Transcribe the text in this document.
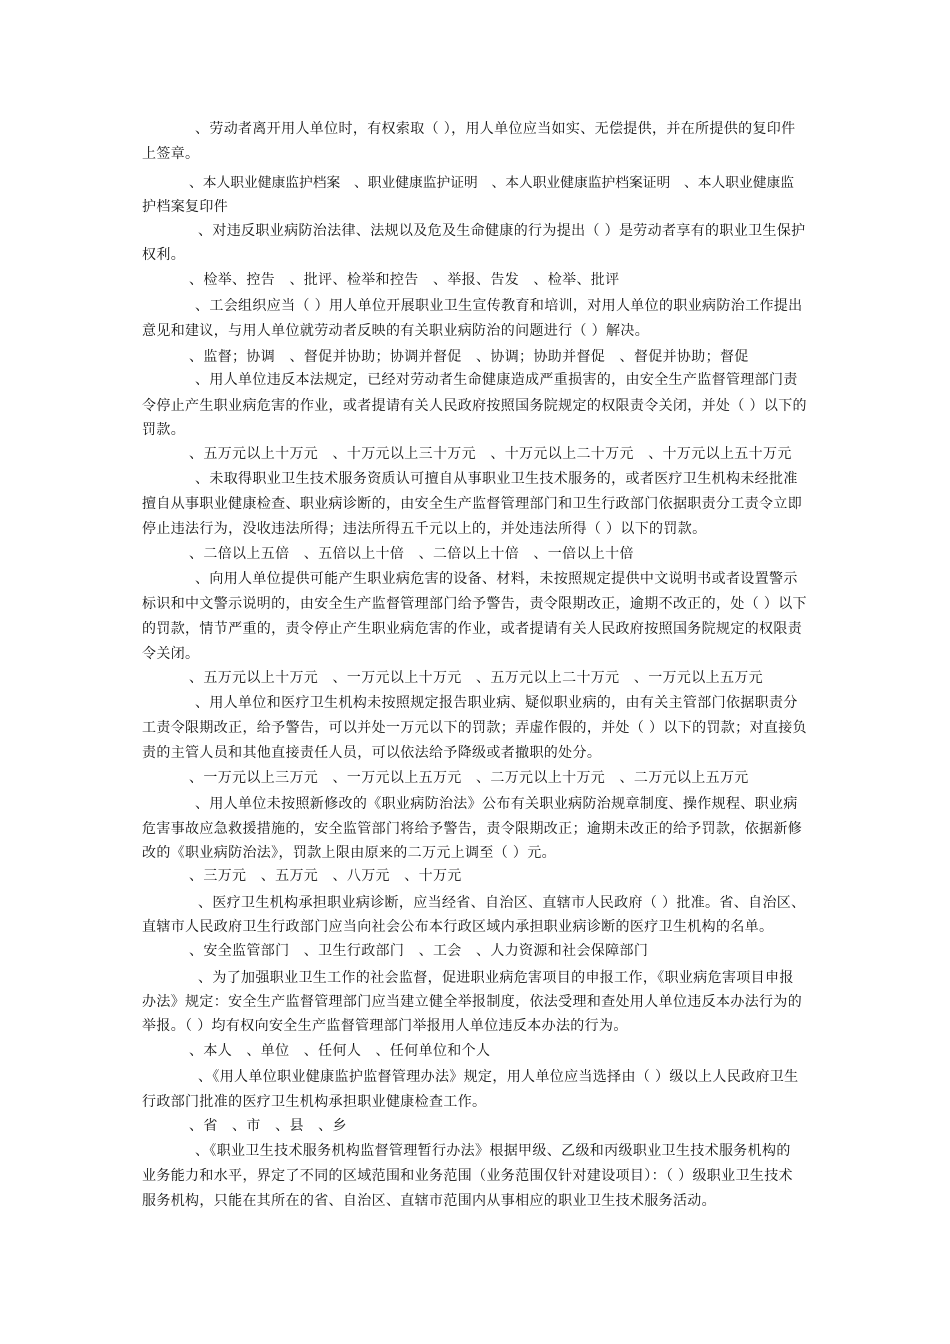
、劳动者离开用人单位时，有权索取（ ），用人单位应当如实、无偿提供，并在所提供的复印件
上签章。
、本人职业健康监护档案　、职业健康监护证明　、本人职业健康监护档案证明　、本人职业健康监
护档案复印件
、对违反职业病防治法律、法规以及危及生命健康的行为提出（ ）是劳动者享有的职业卫生保护
权利。
、检举、控告　、批评、检举和控告　、举报、告发　、检举、批评
、工会组织应当（ ）用人单位开展职业卫生宣传教育和培训，对用人单位的职业病防治工作提出
意见和建议，与用人单位就劳动者反映的有关职业病防治的问题进行（ ）解决。
、监督；协调　、督促并协助；协调并督促　、协调；协助并督促　、督促并协助；督促
、用人单位违反本法规定，已经对劳动者生命健康造成严重损害的，由安全生产监督管理部门责
令停止产生职业病危害的作业，或者提请有关人民政府按照国务院规定的权限责令关闭，并处（ ）以下的
罚款。
、五万元以上十万元　、十万元以上三十万元　、十万元以上二十万元　、十万元以上五十万元
、未取得职业卫生技术服务资质认可擅自从事职业卫生技术服务的，或者医疗卫生机构未经批准
擅自从事职业健康检查、职业病诊断的，由安全生产监督管理部门和卫生行政部门依据职责分工责令立即
停止违法行为，没收违法所得；违法所得五千元以上的，并处违法所得（ ）以下的罚款。
、二倍以上五倍　、五倍以上十倍　、二倍以上十倍　、一倍以上十倍
、向用人单位提供可能产生职业病危害的设备、材料，未按照规定提供中文说明书或者设置警示
标识和中文警示说明的，由安全生产监督管理部门给予警告，责令限期改正，逾期不改正的，处（ ）以下
的罚款，情节严重的，责令停止产生职业病危害的作业，或者提请有关人民政府按照国务院规定的权限责
令关闭。
、五万元以上十万元　、一万元以上十万元　、五万元以上二十万元　、一万元以上五万元
、用人单位和医疗卫生机构未按照规定报告职业病、疑似职业病的，由有关主管部门依据职责分
工责令限期改正，给予警告，可以并处一万元以下的罚款；弄虚作假的，并处（ ）以下的罚款；对直接负
责的主管人员和其他直接责任人员，可以依法给予降级或者撤职的处分。
、一万元以上三万元　、一万元以上五万元　、二万元以上十万元　、二万元以上五万元
、用人单位未按照新修改的《职业病防治法》公布有关职业病防治规章制度、操作规程、职业病
危害事故应急救援措施的，安全监管部门将给予警告，责令限期改正；逾期未改正的给予罚款，依据新修
改的《职业病防治法》，罚款上限由原来的二万元上调至（ ）元。
、三万元　、五万元　、八万元　、十万元
、医疗卫生机构承担职业病诊断，应当经省、自治区、直辖市人民政府（ ）批准。省、自治区、
直辖市人民政府卫生行政部门应当向社会公布本行政区域内承担职业病诊断的医疗卫生机构的名单。
、安全监管部门　、卫生行政部门　、工会　、人力资源和社会保障部门
、为了加强职业卫生工作的社会监督，促进职业病危害项目的申报工作，《职业病危害项目申报
办法》规定：安全生产监督管理部门应当建立健全举报制度，依法受理和查处用人单位违反本办法行为的
举报。（ ）均有权向安全生产监督管理部门举报用人单位违反本办法的行为。
、本人　、单位　、任何人　、任何单位和个人
、《用人单位职业健康监护监督管理办法》规定，用人单位应当选择由（ ）级以上人民政府卫生
行政部门批准的医疗卫生机构承担职业健康检查工作。
、省　、市　、县　、乡
、《职业卫生技术服务机构监督管理暂行办法》根据甲级、乙级和丙级职业卫生技术服务机构的
业务能力和水平，界定了不同的区域范围和业务范围（业务范围仅针对建设项目）：（ ）级职业卫生技术
服务机构，只能在其所在的省、自治区、直辖市范围内从事相应的职业卫生技术服务活动。
